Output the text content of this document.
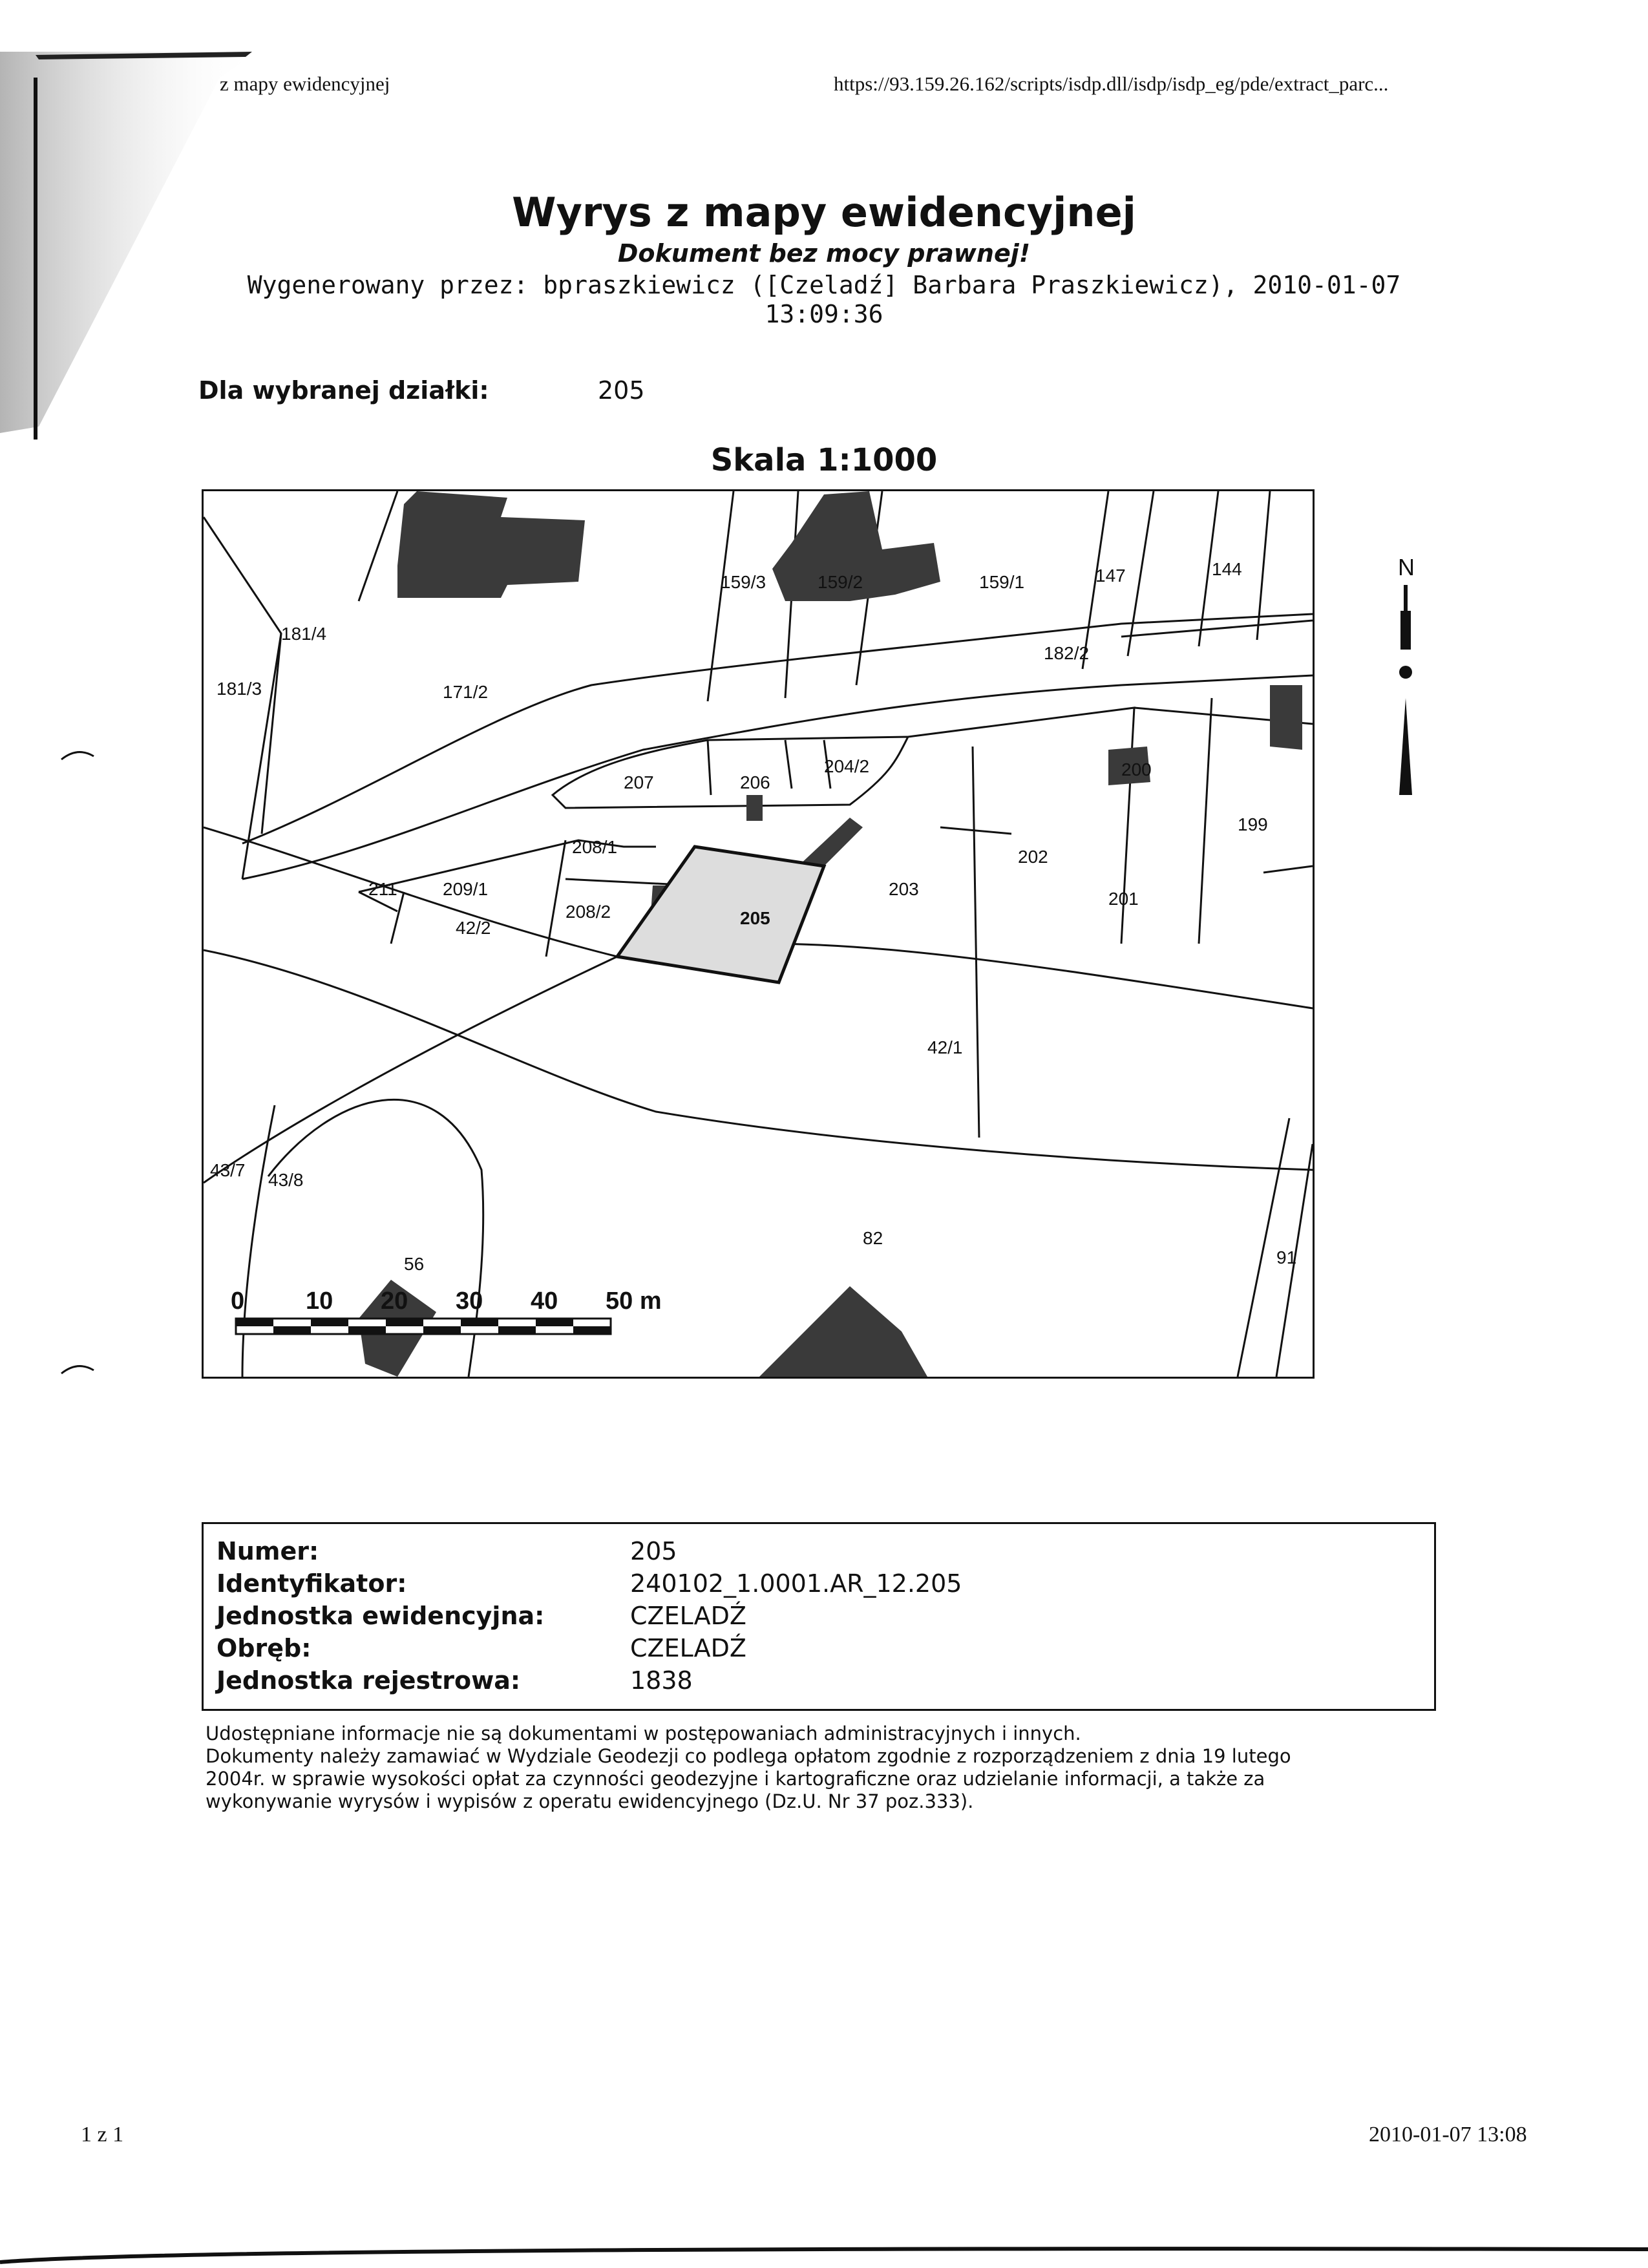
z mapy ewidencyjnej	https://93.159.26.162/scripts/isdp.dll/isdp/isdp_eg/pde/extract_parc...
Wyrys z mapy ewidencyjnej
Dokument bez mocy prawnej!
Wygenerowany przez: bpraszkiewicz ([Czeladź] Barbara Praszkiewicz), 2010-01-07
13:09:36
Dla wybranej działki:	205
Skala 1:1000
181/4
181/3	171/2
159/3	159/2	159/1	147	144
182/2
207	206
204/2	200
199
208/1
211	209/1
208/2	205
203
202
201
42/2
42/1
43/7 43/8
56
82
91
0 10 20 30 40 50 m
N
Numer:	205
Identyfikator:	240102_1.0001.AR_12.205
Jednostka ewidencyjna:	CZELADŹ
Obręb:	CZELADŹ
Jednostka rejestrowa:	1838
Udostępniane informacje nie są dokumentami w postępowaniach administracyjnych i innych.
Dokumenty należy zamawiać w Wydziale Geodezji co podlega opłatom zgodnie z rozporządzeniem z dnia 19 lutego
2004r. w sprawie wysokości opłat za czynności geodezyjne i kartograficzne oraz udzielanie informacji, a także za
wykonywanie wyrysów i wypisów z operatu ewidencyjnego (Dz.U. Nr 37 poz.333).
1 z 1	2010-01-07 13:08
